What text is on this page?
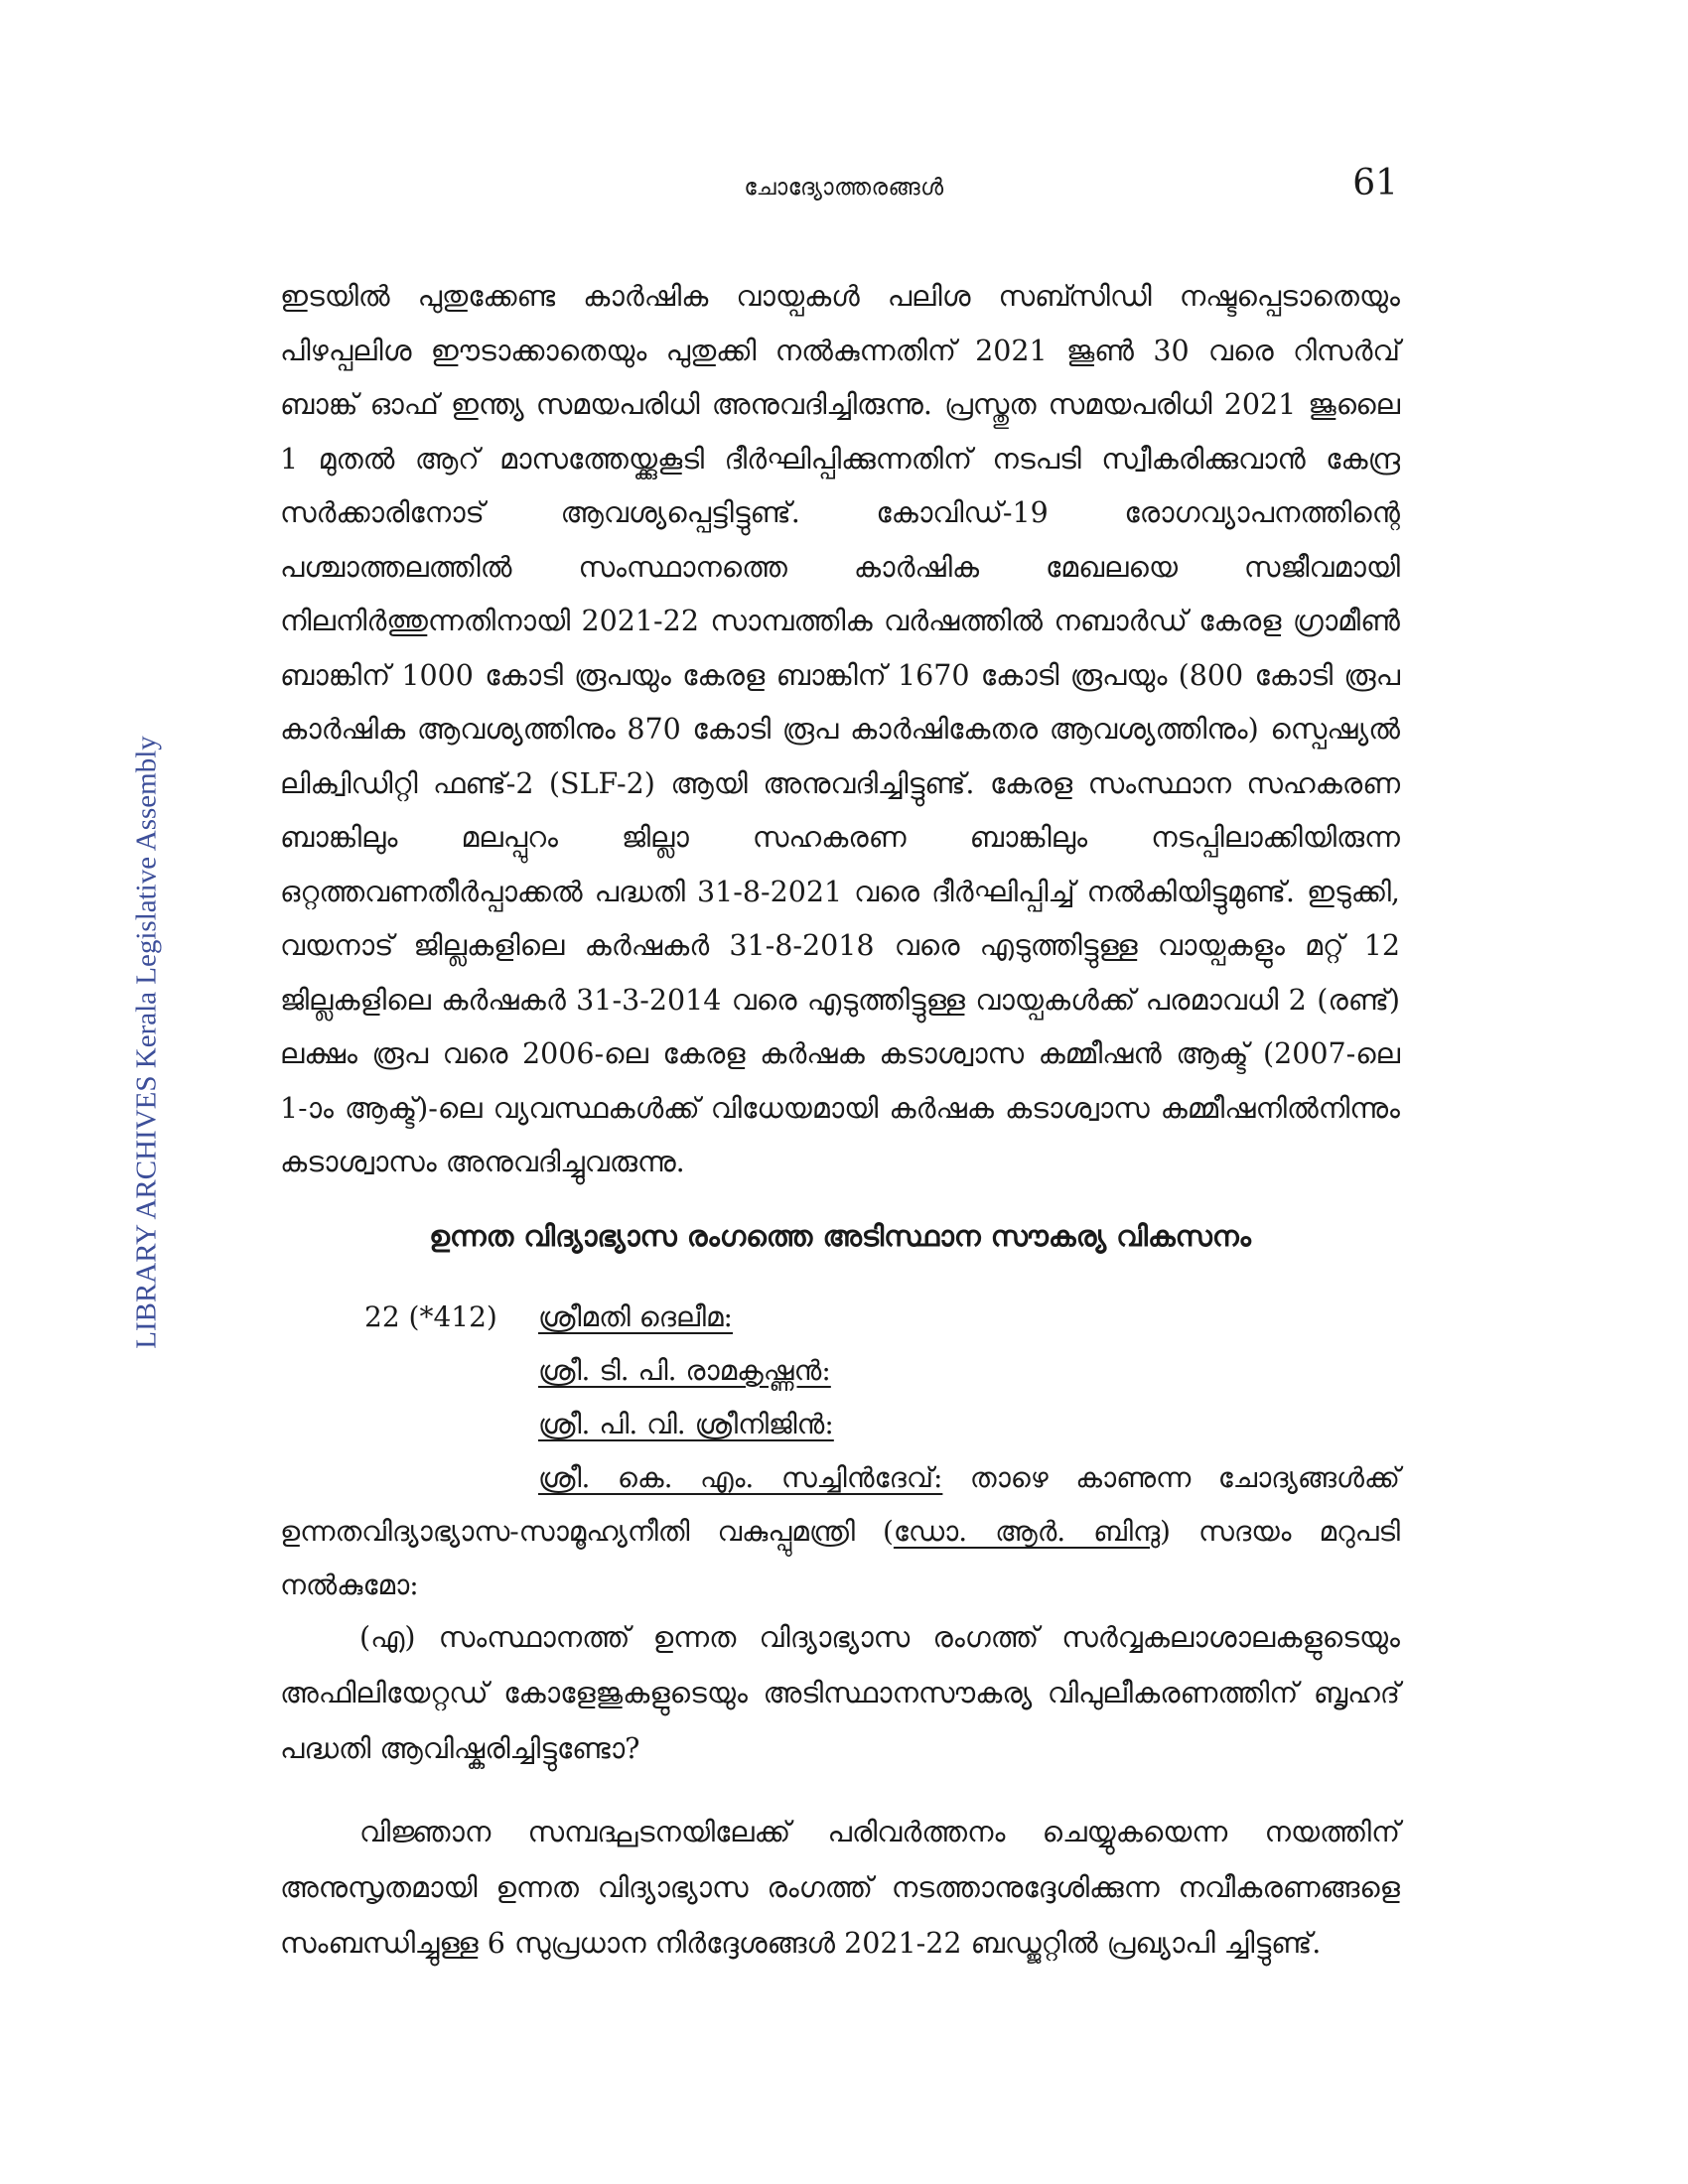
ചോദ്യോത്തരങ്ങൾ	61
LIBRARY ARCHIVES Kerala Legislative Assembly

ഇടയിൽ പുതുക്കേണ്ട കാർഷിക വായ്പകൾ പലിശ സബ്സിഡി നഷ്ടപ്പെടാതെയും പിഴപ്പലിശ ഈടാക്കാതെയും പുതുക്കി നൽകുന്നതിന് 2021 ജൂൺ 30 വരെ റിസർവ് ബാങ്ക് ഓഫ് ഇന്ത്യ സമയപരിധി അനുവദിച്ചിരുന്നു. പ്രസ്തുത സമയപരിധി 2021 ജൂലൈ 1 മുതൽ ആറ് മാസത്തേയ്ക്കുകൂടി ദീർഘിപ്പിക്കുന്നതിന് നടപടി സ്വീകരിക്കുവാൻ കേന്ദ്ര സർക്കാരിനോട് ആവശ്യപ്പെട്ടിട്ടുണ്ട്. കോവിഡ്-19 രോഗവ്യാപനത്തിന്റെ പശ്ചാത്തലത്തിൽ സംസ്ഥാനത്തെ കാർഷിക മേഖലയെ സജീവമായി നിലനിർത്തുന്നതിനായി 2021-22 സാമ്പത്തിക വർഷത്തിൽ നബാർഡ് കേരള ഗ്രാമീൺ ബാങ്കിന് 1000 കോടി രൂപയും കേരള ബാങ്കിന് 1670 കോടി രൂപയും (800 കോടി രൂപ കാർഷിക ആവശ്യത്തിനും 870 കോടി രൂപ കാർഷികേതര ആവശ്യത്തിനും) സ്പെഷ്യൽ ലിക്വിഡിറ്റി ഫണ്ട്-2 (SLF-2) ആയി അനുവദിച്ചിട്ടുണ്ട്. കേരള സംസ്ഥാന സഹകരണ ബാങ്കിലും മലപ്പുറം ജില്ലാ സഹകരണ ബാങ്കിലും നടപ്പിലാക്കിയിരുന്ന ഒറ്റത്തവണതീർപ്പാക്കൽ പദ്ധതി 31-8-2021 വരെ ദീർഘിപ്പിച്ച് നൽകിയിട്ടുമുണ്ട്. ഇടുക്കി, വയനാട് ജില്ലകളിലെ കർഷകർ 31-8-2018 വരെ എടുത്തിട്ടുള്ള വായ്പകളും മറ്റ് 12 ജില്ലകളിലെ കർഷകർ 31-3-2014 വരെ എടുത്തിട്ടുള്ള വായ്പകൾക്ക് പരമാവധി 2 (രണ്ട്) ലക്ഷം രൂപ വരെ 2006-ലെ കേരള കർഷക കടാശ്വാസ കമ്മീഷൻ ആക്ട് (2007-ലെ 1-ാം ആക്ട്)-ലെ വ്യവസ്ഥകൾക്ക് വിധേയമായി കർഷക കടാശ്വാസ കമ്മീഷനിൽനിന്നും കടാശ്വാസം അനുവദിച്ചുവരുന്നു.

ഉന്നത വിദ്യാഭ്യാസ രംഗത്തെ അടിസ്ഥാന സൗകര്യ വികസനം
22 (*412) ശ്രീമതി ദെലീമ:
ശ്രീ. ടി. പി. രാമകൃഷ്ണൻ:
ശ്രീ. പി. വി. ശ്രീനിജിൻ:

ശ്രീ. കെ. എം. സച്ചിൻദേവ്: താഴെ കാണുന്ന ചോദ്യങ്ങൾക്ക് ഉന്നതവിദ്യാഭ്യാസ-സാമൂഹ്യനീതി വകുപ്പുമന്ത്രി (ഡോ. ആർ. ബിന്ദു) സദയം മറുപടി നൽകുമോ:

(എ) സംസ്ഥാനത്ത് ഉന്നത വിദ്യാഭ്യാസ രംഗത്ത് സർവ്വകലാശാലകളുടെയും അഫിലിയേറ്റഡ് കോളേജുകളുടെയും അടിസ്ഥാനസൗകര്യ വിപുലീകരണത്തിന് ബൃഹദ് പദ്ധതി ആവിഷ്കരിച്ചിട്ടുണ്ടോ?

വിജ്ഞാന സമ്പദ്ഘടനയിലേക്ക് പരിവർത്തനം ചെയ്യുകയെന്ന നയത്തിന് അനുസൃതമായി ഉന്നത വിദ്യാഭ്യാസ രംഗത്ത് നടത്താനുദ്ദേശിക്കുന്ന നവീകരണങ്ങളെ സംബന്ധിച്ചുള്ള 6 സുപ്രധാന നിർദ്ദേശങ്ങൾ 2021-22 ബഡ്ജറ്റിൽ പ്രഖ്യാപി ച്ചിട്ടുണ്ട്.
